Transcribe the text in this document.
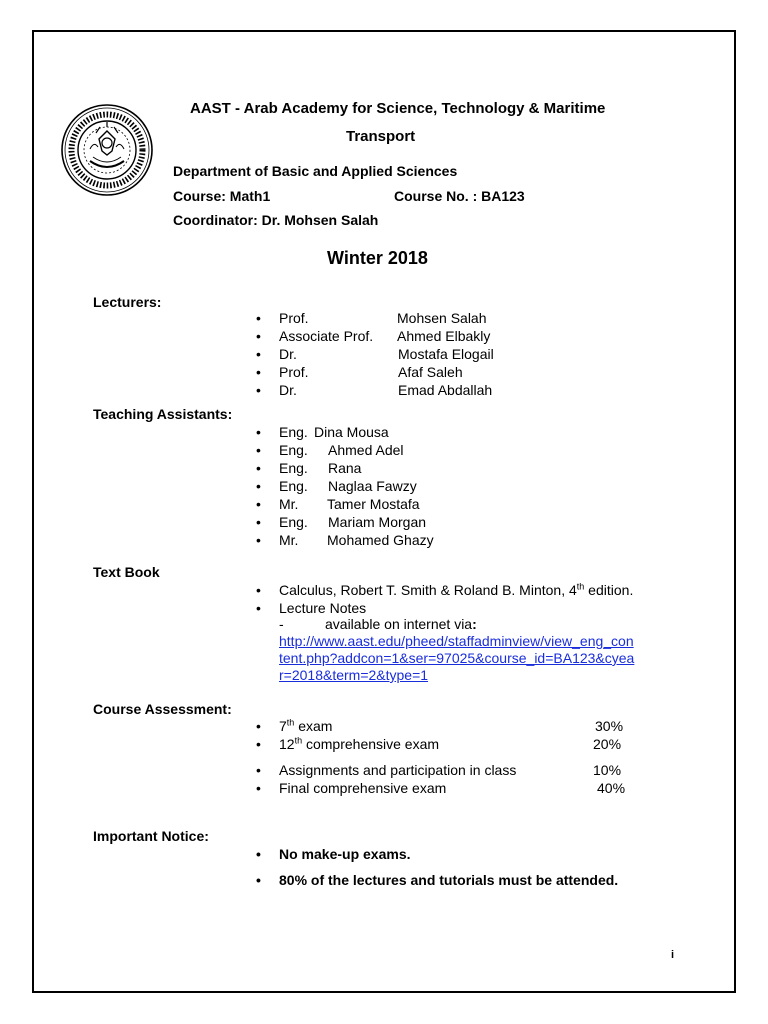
AAST - Arab Academy for Science, Technology & Maritime
Transport
Department of Basic and Applied Sciences
Course: Math1	Course No. : BA123
Coordinator: Dr. Mohsen Salah
Winter 2018
Lecturers:
• Prof.	Mohsen Salah
• Associate Prof. Ahmed Elbakly
• Dr.	Mostafa Elogail
• Prof.	Afaf Saleh
• Dr.	Emad Abdallah
Teaching Assistants:
• Eng. Dina Mousa
• Eng. Ahmed Adel
• Eng. Rana
• Eng. Naglaa Fawzy
• Mr. Tamer Mostafa
• Eng. Mariam Morgan
• Mr. Mohamed Ghazy
Text Book
• Calculus, Robert T. Smith & Roland B. Minton, 4th edition.
• Lecture Notes
-	available on internet via:
http://www.aast.edu/pheed/staffadminview/view_eng_con
tent.php?addcon=1&ser=97025&course_id=BA123&cyea
r=2018&term=2&type=1
Course Assessment:
• 7th exam	30%
• 12th comprehensive exam	20%
• Assignments and participation in class	10%
• Final comprehensive exam	40%
Important Notice:
• No make-up exams.
• 80% of the lectures and tutorials must be attended.
i
